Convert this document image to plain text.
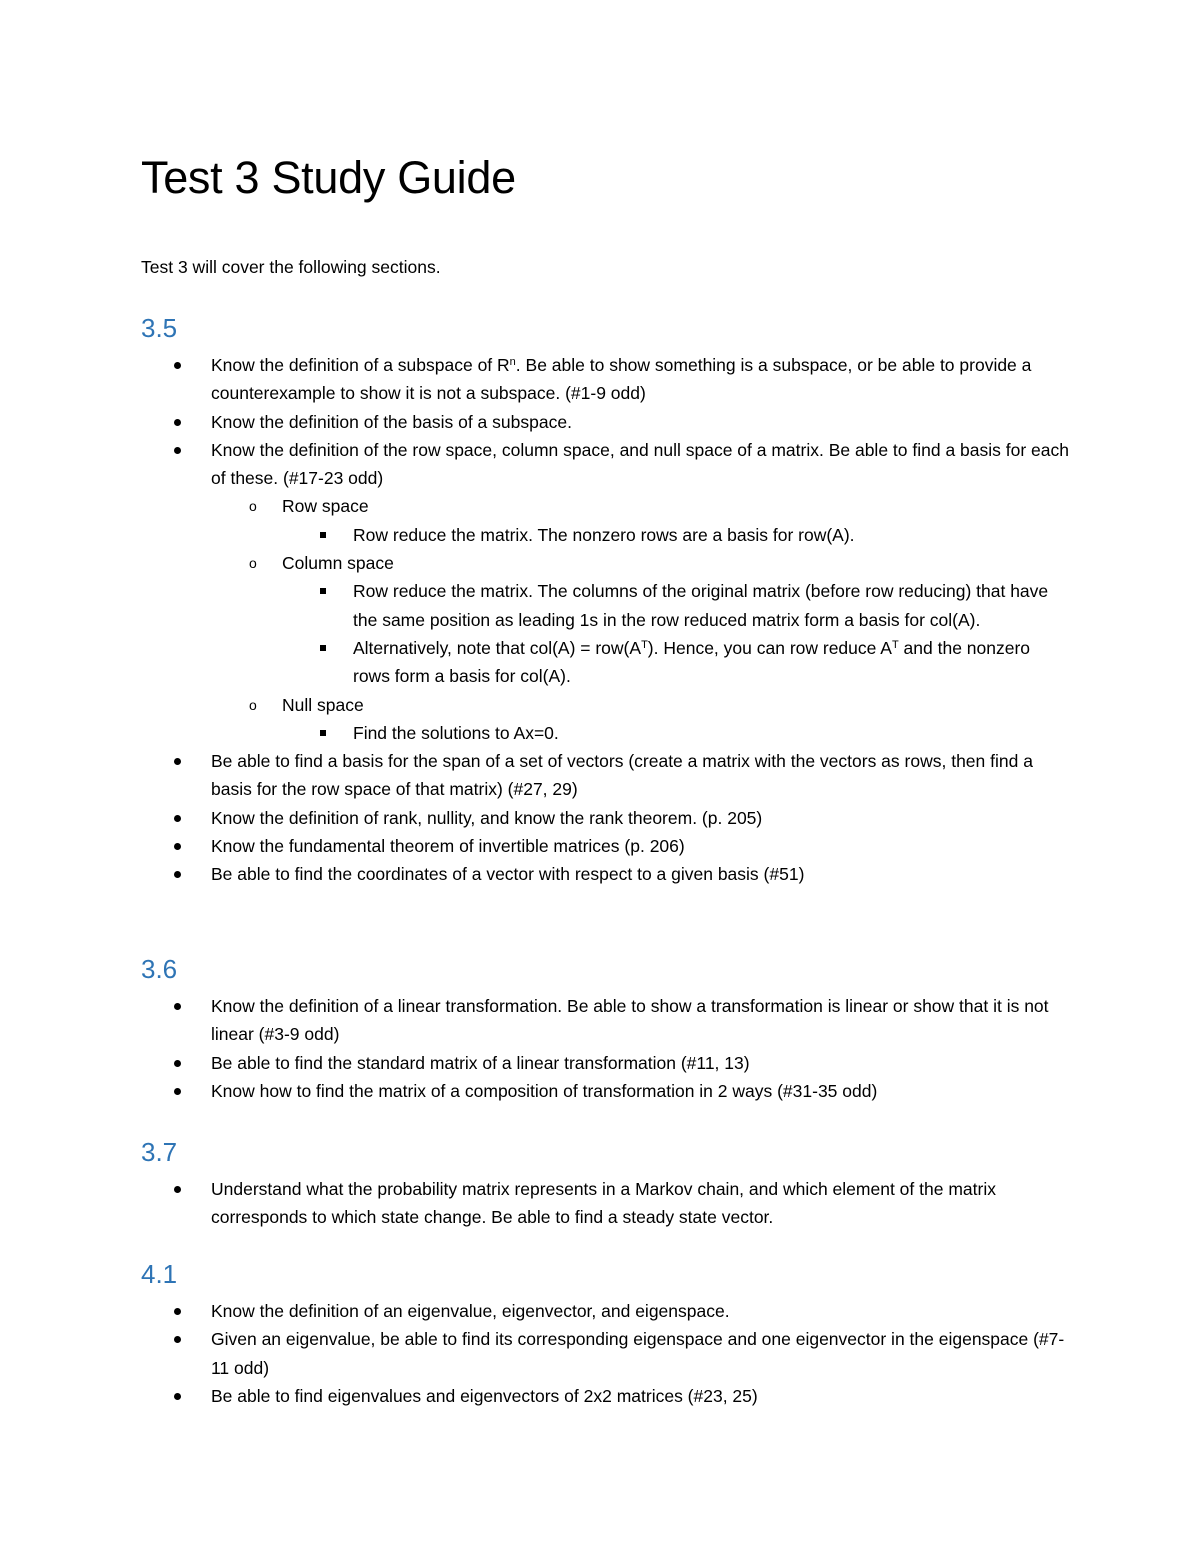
Test 3 Study Guide

Test 3 will cover the following sections.

3.5
Know the definition of a subspace of $R^n$. Be able to show something is a subspace, or be able to provide a counterexample to show it is not a subspace. (#1-9 odd)
Know the definition of the basis of a subspace.
Know the definition of the row space, column space, and null space of a matrix. Be able to find a basis for each of these. (#17-23 odd)
o Row space
Row reduce the matrix. The nonzero rows are a basis for row(A).
o Column space
Row reduce the matrix. The columns of the original matrix (before row reducing) that have the same position as leading 1s in the row reduced matrix form a basis for col(A).
Alternatively, note that $col(A) = row(A^T)$. Hence, you can row reduce $A^T$ and the nonzero rows form a basis for col(A).
o Null space
Find the solutions to Ax=0.
Be able to find a basis for the span of a set of vectors (create a matrix with the vectors as rows, then find a basis for the row space of that matrix) (#27, 29)
Know the definition of rank, nullity, and know the rank theorem. (p. 205)
Know the fundamental theorem of invertible matrices (p. 206)
Be able to find the coordinates of a vector with respect to a given basis (#51)
3.6
Know the definition of a linear transformation. Be able to show a transformation is linear or show that it is not linear (#3-9 odd)
Be able to find the standard matrix of a linear transformation (#11, 13)
Know how to find the matrix of a composition of transformation in 2 ways (#31-35 odd)
3.7
Understand what the probability matrix represents in a Markov chain, and which element of the matrix corresponds to which state change. Be able to find a steady state vector.
4.1
Know the definition of an eigenvalue, eigenvector, and eigenspace.
Given an eigenvalue, be able to find its corresponding eigenspace and one eigenvector in the eigenspace (#7-11 odd)
Be able to find eigenvalues and eigenvectors of 2x2 matrices (#23, 25)
